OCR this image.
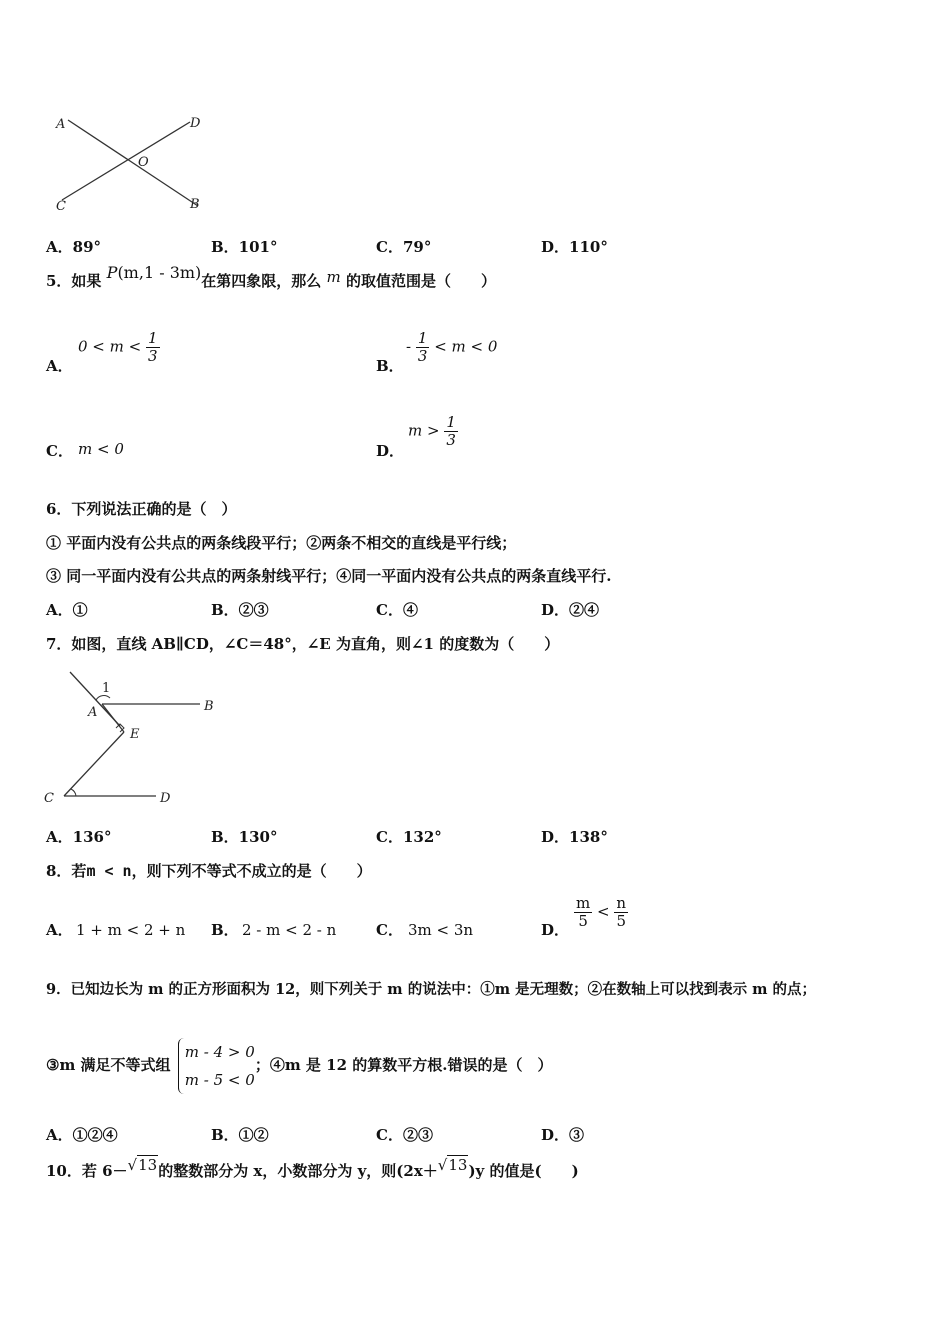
A	D
O
C	B
A．89°	B．101°	C．79°	D．110°
5．如果 P(m,1 - 3m)在第四象限，那么 m 的取值范围是（　　）
A．
$0 < m < \frac{1}{3}$
B．
- $\frac{1}{3} < m < 0$
C． m < 0	D．
$m > \frac{1}{3}$
6．下列说法正确的是（　）
① 平面内没有公共点的两条线段平行；②两条不相交的直线是平行线；
③ 同一平面内没有公共点的两条射线平行；④同一平面内没有公共点的两条直线平行.
A．①	B．②③	C．④	D．②④
7．如图，直线 AB∥CD，∠C＝48°，∠E 为直角，则∠1 的度数为（　　）
1
A	B
E
C	D
A．136°	B．130°	C．132°	D．138°
8．若m < n，则下列不等式不成立的是（　　）
A． 1 + m < 2 + n B． 2 - m < 2 - n	C． 3m < 3n	D． $\frac{m}{5} < \frac{n}{5}$
9．已知边长为 m 的正方形面积为 12，则下列关于 m 的说法中：①m 是无理数；②在数轴上可以找到表示 m 的点；
③m 满足不等式组
m - 4 > 0
m - 5 < 0
；④m 是 12 的算数平方根.错误的是（　）
A．①②④	B．①②	C．②③	D．③
10．若 6－√13的整数部分为 x，小数部分为 y，则(2x＋√13)y 的值是(　　)
